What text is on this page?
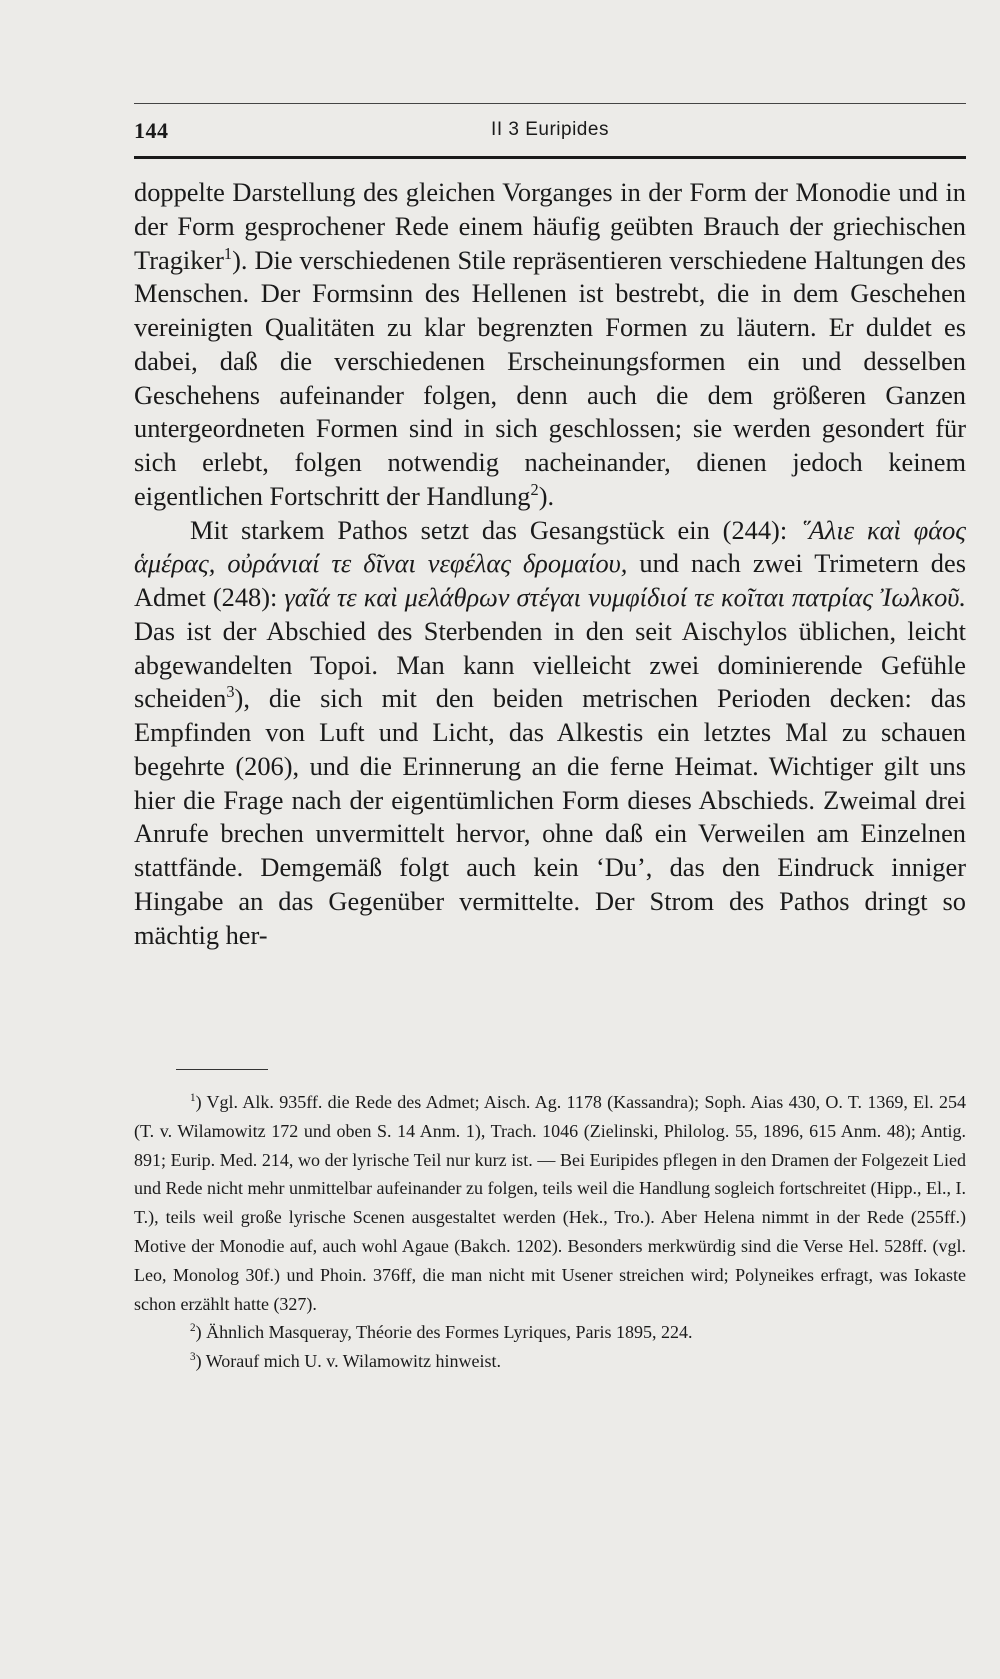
144	II 3 Euripides

doppelte Darstellung des gleichen Vorganges in der Form der Monodie und in der Form gesprochener Rede einem häufig geübten Brauch der griechischen Tragiker$^1$). Die verschiedenen Stile repräsentieren verschiedene Haltungen des Menschen. Der Formsinn des Hellenen ist bestrebt, die in dem Geschehen vereinigten Qualitäten zu klar begrenzten Formen zu läutern. Er duldet es dabei, daß die verschiedenen Erscheinungsformen ein und desselben Geschehens aufeinander folgen, denn auch die dem größeren Ganzen untergeordneten Formen sind in sich geschlossen; sie werden gesondert für sich erlebt, folgen notwendig nacheinander, dienen jedoch keinem eigentlichen Fortschritt der Handlung$^2$).

Mit starkem Pathos setzt das Gesangstück ein (244): ῞Αλιε καὶ φάος ἁμέρας, οὐράνιαί τε δῖναι νεφέλας δρομαίου, und nach zwei Trimetern des Admet (248): γαῖά τε καὶ μελάθρων στέγαι νυμφίδιοί τε κοῖται πατρίας Ἰωλκοῦ. Das ist der Abschied des Sterbenden in den seit Aischylos üblichen, leicht abgewandelten Topoi. Man kann vielleicht zwei dominierende Gefühle scheiden$^3$), die sich mit den beiden metrischen Perioden decken: das Empfinden von Luft und Licht, das Alkestis ein letztes Mal zu schauen begehrte (206), und die Erinnerung an die ferne Heimat. Wichtiger gilt uns hier die Frage nach der eigentümlichen Form dieses Abschieds. Zweimal drei Anrufe brechen unvermittelt hervor, ohne daß ein Verweilen am Einzelnen stattfände. Demgemäß folgt auch kein ‘Du’, das den Eindruck inniger Hingabe an das Gegenüber vermittelte. Der Strom des Pathos dringt so mächtig her-

$^1$) Vgl. Alk. 935ff. die Rede des Admet; Aisch. Ag. 1178 (Kassandra); Soph. Aias 430, O. T. 1369, El. 254 (T. v. Wilamowitz 172 und oben S. 14 Anm. 1), Trach. 1046 (Zielinski, Philolog. 55, 1896, 615 Anm. 48); Antig. 891; Eurip. Med. 214, wo der lyrische Teil nur kurz ist. — Bei Euripides pflegen in den Dramen der Folgezeit Lied und Rede nicht mehr unmittelbar aufeinander zu folgen, teils weil die Handlung sogleich fortschreitet (Hipp., El., I. T.), teils weil große lyrische Scenen ausgestaltet werden (Hek., Tro.). Aber Helena nimmt in der Rede (255ff.) Motive der Monodie auf, auch wohl Agaue (Bakch. 1202). Besonders merkwürdig sind die Verse Hel. 528ff. (vgl. Leo, Monolog 30f.) und Phoin. 376ff, die man nicht mit Usener streichen wird; Polyneikes erfragt, was Iokaste schon erzählt hatte (327).

$^2$) Ähnlich Masqueray, Théorie des Formes Lyriques, Paris 1895, 224.

$^3$) Worauf mich U. v. Wilamowitz hinweist.
